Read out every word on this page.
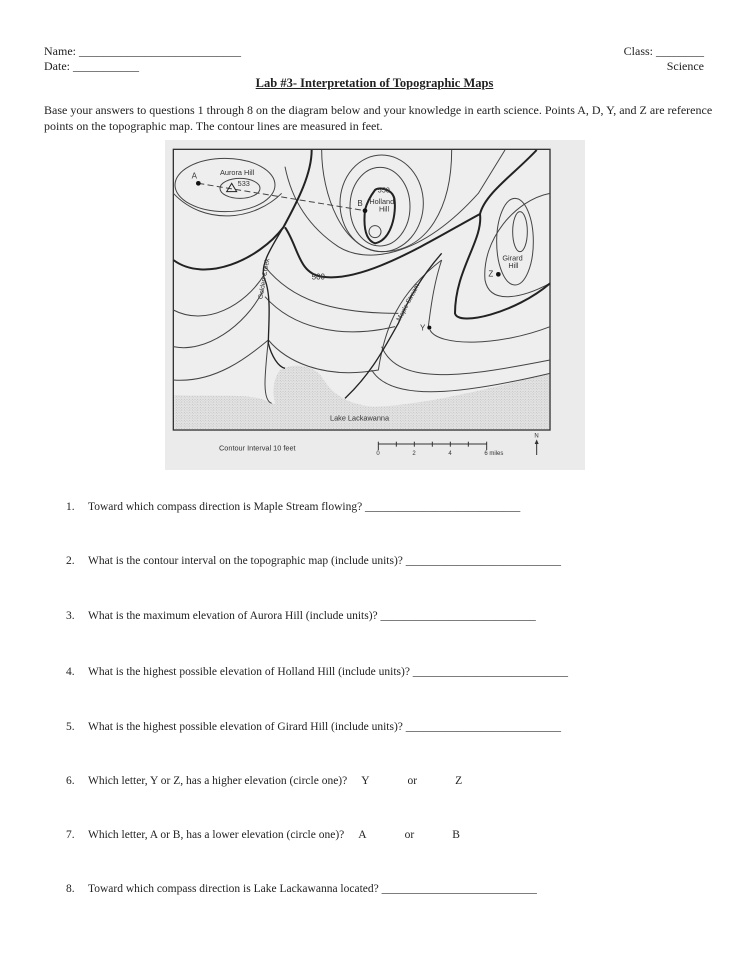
Name: ___________________________
Date: ___________
Class: ________
Science
Lab #3- Interpretation of Topographic Maps
Base your answers to questions 1 through 8 on the diagram below and your knowledge in earth science. Points A, D, Y, and Z are reference points on the topographic map. The contour lines are measured in feet.
Aurora Hill
533
A
B
550
Holland
Hill
Girard
Hill
Z
Y
500
Golden Creek
Maple Stream
Lake Lackawanna
Contour Interval 10 feet
0 2 4 6 miles
N
1. Toward which compass direction is Maple Stream flowing? ___________________________
2. What is the contour interval on the topographic map (include units)? ___________________________
3. What is the maximum elevation of Aurora Hill (include units)? ___________________________
4. What is the highest possible elevation of Holland Hill (include units)? ___________________________
5. What is the highest possible elevation of Girard Hill (include units)? ___________________________
6. Which letter, Y or Z, has a higher elevation (circle one)? Y	or	Z
7. Which letter, A or B, has a lower elevation (circle one)? A	or	B
8. Toward which compass direction is Lake Lackawanna located? ___________________________
